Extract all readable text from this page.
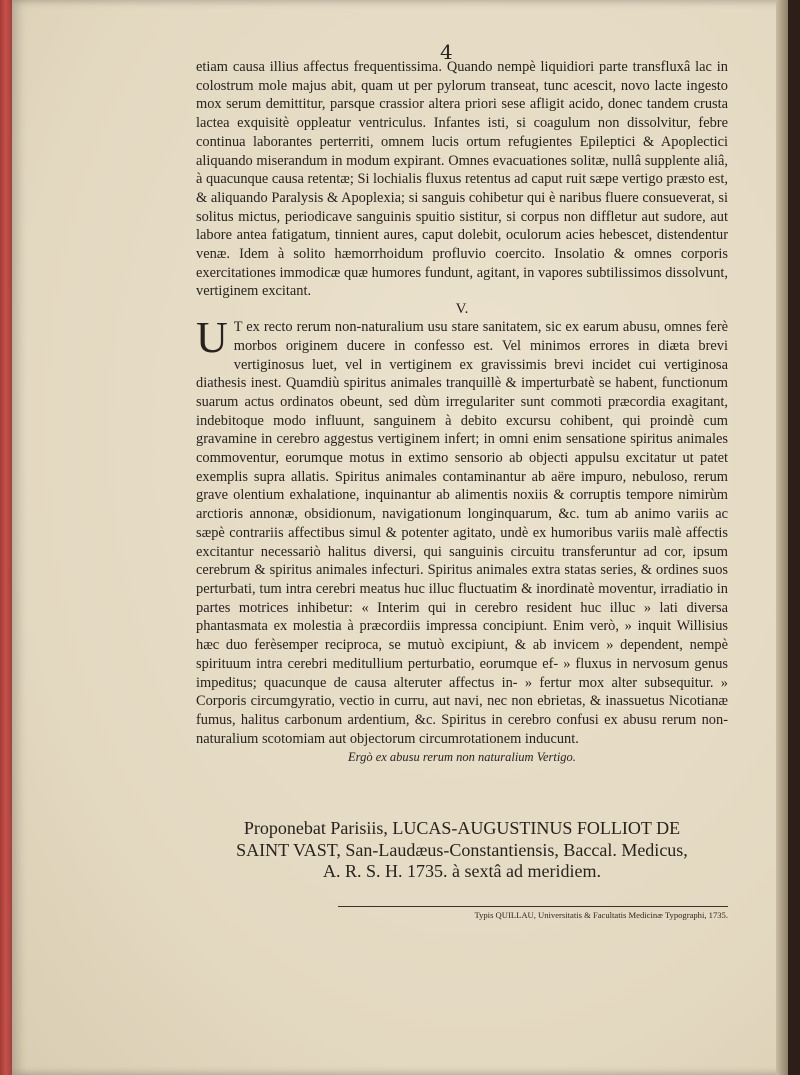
4

etiam causa illius affectus frequentissima. Quando nempè liquidiori parte transfluxâ lac in colostrum mole majus abit, quam ut per pylorum transeat, tunc acescit, novo lacte ingesto mox serum demittitur, parsque crassior altera priori sese afligit acido, donec tandem crusta lactea exquisitè oppleatur ventriculus. Infantes isti, si coagulum non dissolvitur, febre continua laborantes perterriti, omnem lucis ortum refugientes Epileptici & Apoplectici aliquando miserandum in modum expirant. Omnes evacuationes solitæ, nullâ supplente aliâ, à quacunque causa retentæ; Si lochialis fluxus retentus ad caput ruit sæpe vertigo præsto est, & aliquando Paralysis & Apoplexia; si sanguis cohibetur qui è naribus fluere consueverat, si solitus mictus, periodicave sanguinis spuitio sistitur, si corpus non diffletur aut sudore, aut labore antea fatigatum, tinnient aures, caput dolebit, oculorum acies hebescet, distendentur venæ. Idem à solito hæmorrhoidum profluvio coercito. Insolatio & omnes corporis exercitationes immodicæ quæ humores fundunt, agitant, in vapores subtilissimos dissolvunt, vertiginem excitant.

V.

U T ex recto rerum non-naturalium usu stare sanitatem, sic ex earum abusu, omnes ferè morbos originem ducere in confesso est. Vel minimos errores in diæta brevi vertiginosus luet, vel in vertiginem ex gravissimis brevi incidet cui vertiginosa diathesis inest. Quamdiù spiritus animales tranquillè & imperturbatè se habent, functionum suarum actus ordinatos obeunt, sed dùm irregulariter sunt commoti præcordia exagitant, indebitoque modo influunt, sanguinem à debito excursu cohibent, qui proindè cum gravamine in cerebro aggestus vertiginem infert; in omni enim sensatione spiritus animales commoventur, eorumque motus in extimo sensorio ab objecti appulsu excitatur ut patet exemplis supra allatis. Spiritus animales contaminantur ab aëre impuro, nebuloso, rerum grave olentium exhalatione, inquinantur ab alimentis noxiis & corruptis tempore nimirùm arctioris annonæ, obsidionum, navigationum longinquarum, &c. tum ab animo variis ac sæpè contrariis affectibus simul & potenter agitato, undè ex humoribus variis malè affectis excitantur necessariò halitus diversi, qui sanguinis circuitu transferuntur ad cor, ipsum cerebrum & spiritus animales infecturi. Spiritus animales extra statas series, & ordines suos perturbati, tum intra cerebri meatus huc illuc fluctuatim & inordinatè moventur, irradiatio in partes motrices inhibetur: « Interim qui in cerebro resident huc illuc » lati diversa phantasmata ex molestia à præcordiis impressa concipiunt. Enim verò, » inquit Willisius hæc duo ferèsemper reciproca, se mutuò excipiunt, & ab invicem » dependent, nempè spirituum intra cerebri meditullium perturbatio, eorumque ef- » fluxus in nervosum genus impeditus; quacunque de causa alteruter affectus in- » fertur mox alter subsequitur. » Corporis circumgyratio, vectio in curru, aut navi, nec non ebrietas, & inassuetus Nicotianæ fumus, halitus carbonum ardentium, &c. Spiritus in cerebro confusi ex abusu rerum non-naturalium scotomiam aut objectorum circumrotationem inducunt.

Ergò ex abusu rerum non naturalium Vertigo.

Proponebat Parisiis, LUCAS-AUGUSTINUS FOLLIOT DE
SAINT VAST, San-Laudæus-Constantiensis, Baccal. Medicus,
A. R. S. H. 1735. à sextâ ad meridiem.
Typis QUILLAU, Universitatis & Facultatis Medicinæ Typographi, 1735.
